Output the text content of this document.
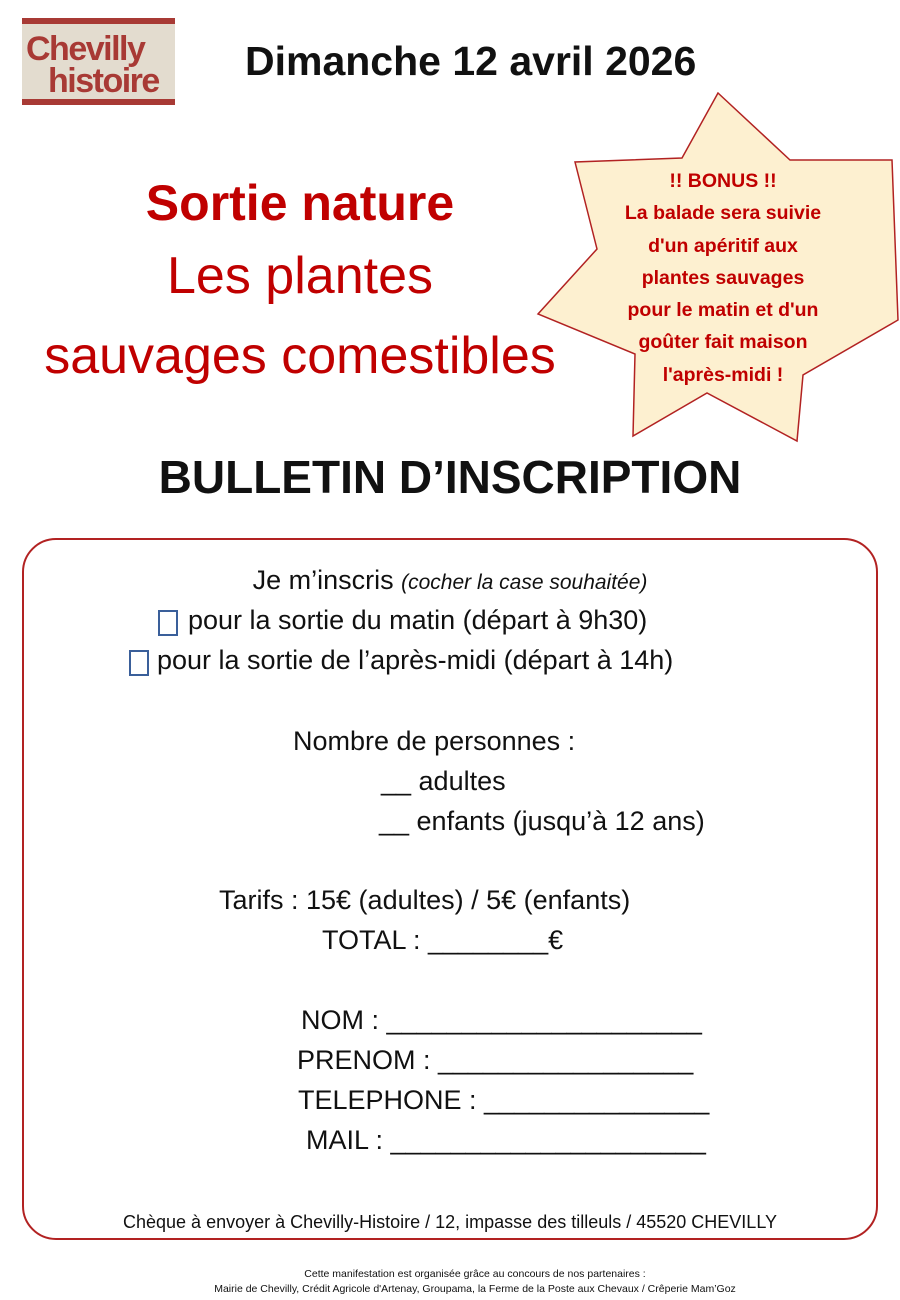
Chevilly
histoire Dimanche 12 avril 2026
Sortie nature
Les plantes
sauvages comestibles
!! BONUS !!
La balade sera suivie
d'un apéritif aux
plantes sauvages
pour le matin et d'un
goûter fait maison
l'après-midi !
BULLETIN D’INSCRIPTION
Je m’inscris (cocher la case souhaitée)
pour la sortie du matin (départ à 9h30)
pour la sortie de l’après-midi (départ à 14h)
Nombre de personnes :
__ adultes
__ enfants (jusqu’à 12 ans)
Tarifs : 15€ (adultes) / 5€ (enfants)
TOTAL : ________€
NOM : _____________________
PRENOM : _________________
TELEPHONE : _______________
MAIL : _____________________
Chèque à envoyer à Chevilly-Histoire / 12, impasse des tilleuls / 45520 CHEVILLY
Cette manifestation est organisée grâce au concours de nos partenaires :
Mairie de Chevilly, Crédit Agricole d'Artenay, Groupama, la Ferme de la Poste aux Chevaux / Crêperie Mam’Goz
